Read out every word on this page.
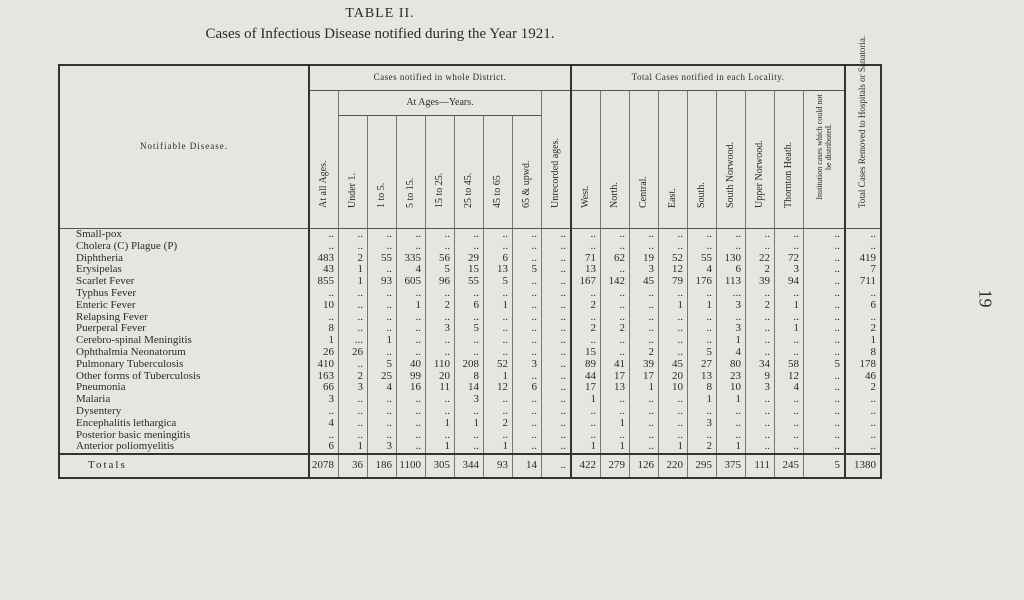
TABLE II.
Cases of Infectious Disease notified during the Year 1921.
19
Notifiable Disease.	Cases notified in whole District.									Total Cases notified in each Locality.									Total Cases Removed to Hospitals or Sanatoria.

	At all Ages.	At Ages—Years.							Unrecorded ages.	West.	North.	Central.	East.	South.	South Norwood.	Upper Norwood.	Thornton Heath.	Institution cases which could not be distributed.	

		Under 1.	1 to 5.	5 to 15.	15 to 25.	25 to 45.	45 to 65	65 & upwd.											

Small-pox	..	..	..	..	..	..	..	..	..	..	..	..	..	..	..	..	..	..	..
Cholera (C) Plague (P)	..	..	..	..	..	..	..	..	..	..	..	..	..	..	..	..	..	..	..
Diphtheria	483	2	55	335	56	29	6	..	..	71	62	19	52	55	130	22	72	..	419
Erysipelas	43	1	..	4	5	15	13	5	..	13	..	3	12	4	6	2	3	..	7
Scarlet Fever	855	1	93	605	96	55	5	..	..	167	142	45	79	176	113	39	94	..	711
Typhus Fever	..	..	..	..	..	..	..	..	..	..	..	..	..	..	...	..	..	..	..
Enteric Fever	10	..	..	1	2	6	1	..	..	2	..	..	1	1	3	2	1	..	6
Relapsing Fever	..	..	..	..	..	..	..	..	..	..	..	..	..	..	..	..	..	..	..
Puerperal Fever	8	..	..	..	3	5	..	..	..	2	2	..	..	..	3	..	1	..	2
Cerebro-spinal Meningitis	1	...	1	..	..	..	..	..	..	..	..	..	..	..	1	..	..	..	1
Ophthalmia Neonatorum	26	26	..	..	..	..	..	..	..	15	..	2	..	5	4	..	..	..	8
Pulmonary Tuberculosis	410	..	5	40	110	208	52	3	..	89	41	39	45	27	80	34	58	5	178
Other forms of Tuberculosis	163	2	25	99	20	8	1	..	..	44	17	17	20	13	23	9	12	..	46
Pneumonia	66	3	4	16	11	14	12	6	..	17	13	1	10	8	10	3	4	..	2
Malaria	3	..	..	..	..	3	..	..	..	1	..	..	..	1	1	..	..	..	..
Dysentery	..	..	..	..	..	..	..	..	..	..	..	..	..	..	..	..	..	..	..
Encephalitis lethargica	4	..	..	..	1	1	2	..	..	..	1	..	..	3	..	..	..	..	..
Posterior basic meningitis	..	..	..	..	..	..	..	..	..	..	..	..	..	..	..	..	..	..	..
Anterior poliomyelitis	6	1	3	..	1	..	1	..	..	1	1	..	1	2	1	..	..	..	..
Totals	2078	36	186	1100	305	344	93	14	..	422	279	126	220	295	375	111	245	5	1380
